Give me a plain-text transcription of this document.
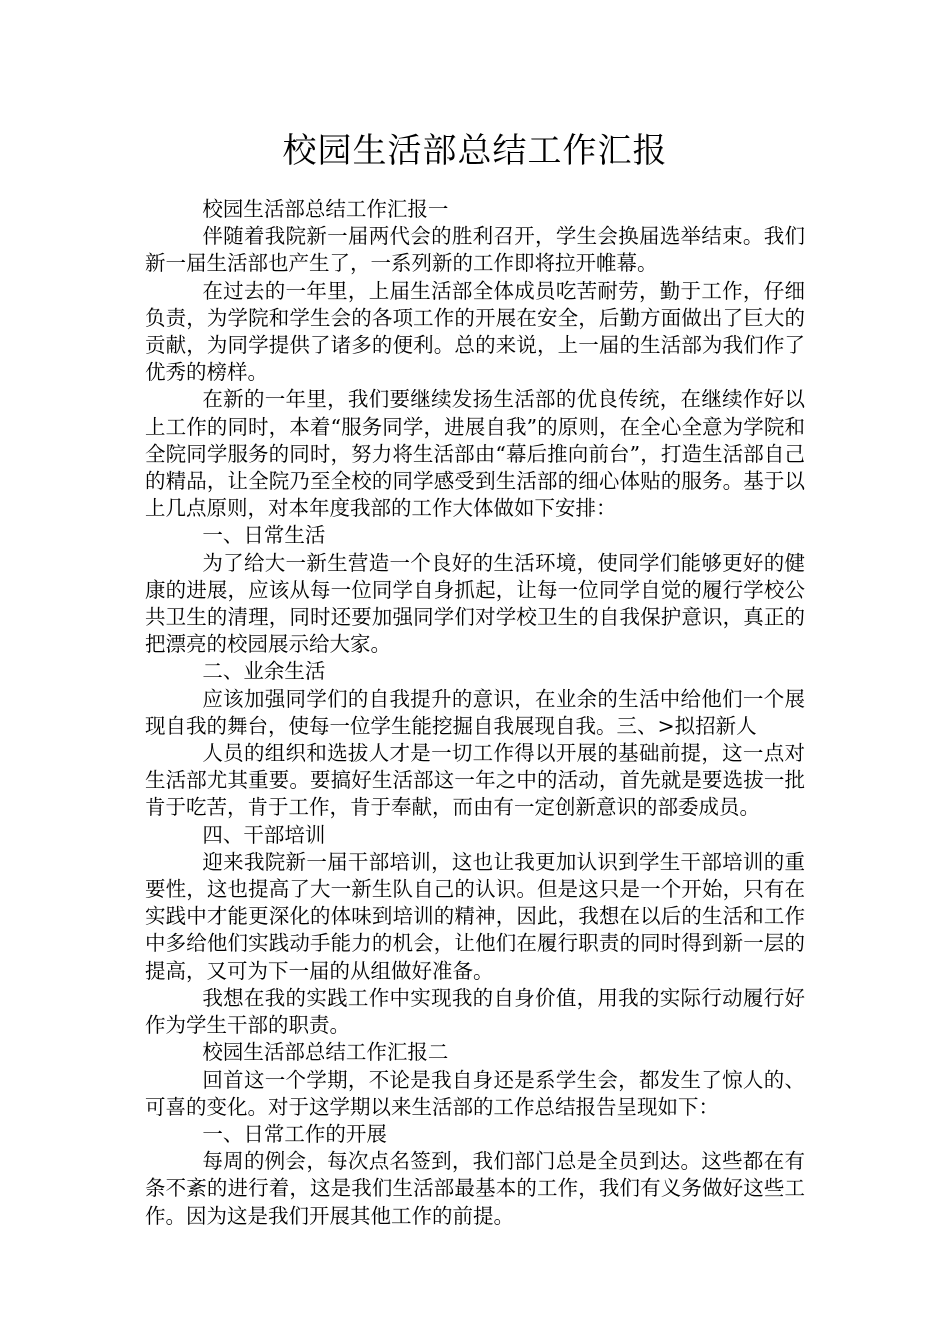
校园生活部总结工作汇报

校园生活部总结工作汇报一

伴随着我院新一届两代会的胜利召开，学生会换届选举结束。我们新一届生活部也产生了，一系列新的工作即将拉开帷幕。

在过去的一年里，上届生活部全体成员吃苦耐劳，勤于工作，仔细负责，为学院和学生会的各项工作的开展在安全，后勤方面做出了巨大的贡献，为同学提供了诸多的便利。总的来说，上一届的生活部为我们作了优秀的榜样。

在新的一年里，我们要继续发扬生活部的优良传统，在继续作好以上工作的同时，本着“服务同学，进展自我”的原则，在全心全意为学院和全院同学服务的同时，努力将生活部由“幕后推向前台”，打造生活部自己的精品，让全院乃至全校的同学感受到生活部的细心体贴的服务。基于以上几点原则，对本年度我部的工作大体做如下安排：

一、日常生活

为了给大一新生营造一个良好的生活环境，使同学们能够更好的健康的进展，应该从每一位同学自身抓起，让每一位同学自觉的履行学校公共卫生的清理，同时还要加强同学们对学校卫生的自我保护意识，真正的把漂亮的校园展示给大家。

二、业余生活

应该加强同学们的自我提升的意识，在业余的生活中给他们一个展现自我的舞台，使每一位学生能挖掘自我展现自我。三、>拟招新人

人员的组织和选拔人才是一切工作得以开展的基础前提，这一点对生活部尤其重要。要搞好生活部这一年之中的活动，首先就是要选拔一批肯于吃苦，肯于工作，肯于奉献，而由有一定创新意识的部委成员。

四、干部培训

迎来我院新一届干部培训，这也让我更加认识到学生干部培训的重要性，这也提高了大一新生队自己的认识。但是这只是一个开始，只有在实践中才能更深化的体味到培训的精神，因此，我想在以后的生活和工作中多给他们实践动手能力的机会，让他们在履行职责的同时得到新一层的提高，又可为下一届的从组做好准备。

我想在我的实践工作中实现我的自身价值，用我的实际行动履行好作为学生干部的职责。

校园生活部总结工作汇报二

回首这一个学期，不论是我自身还是系学生会，都发生了惊人的、可喜的变化。对于这学期以来生活部的工作总结报告呈现如下：

一、日常工作的开展

每周的例会，每次点名签到，我们部门总是全员到达。这些都在有条不紊的进行着，这是我们生活部最基本的工作，我们有义务做好这些工作。因为这是我们开展其他工作的前提。
